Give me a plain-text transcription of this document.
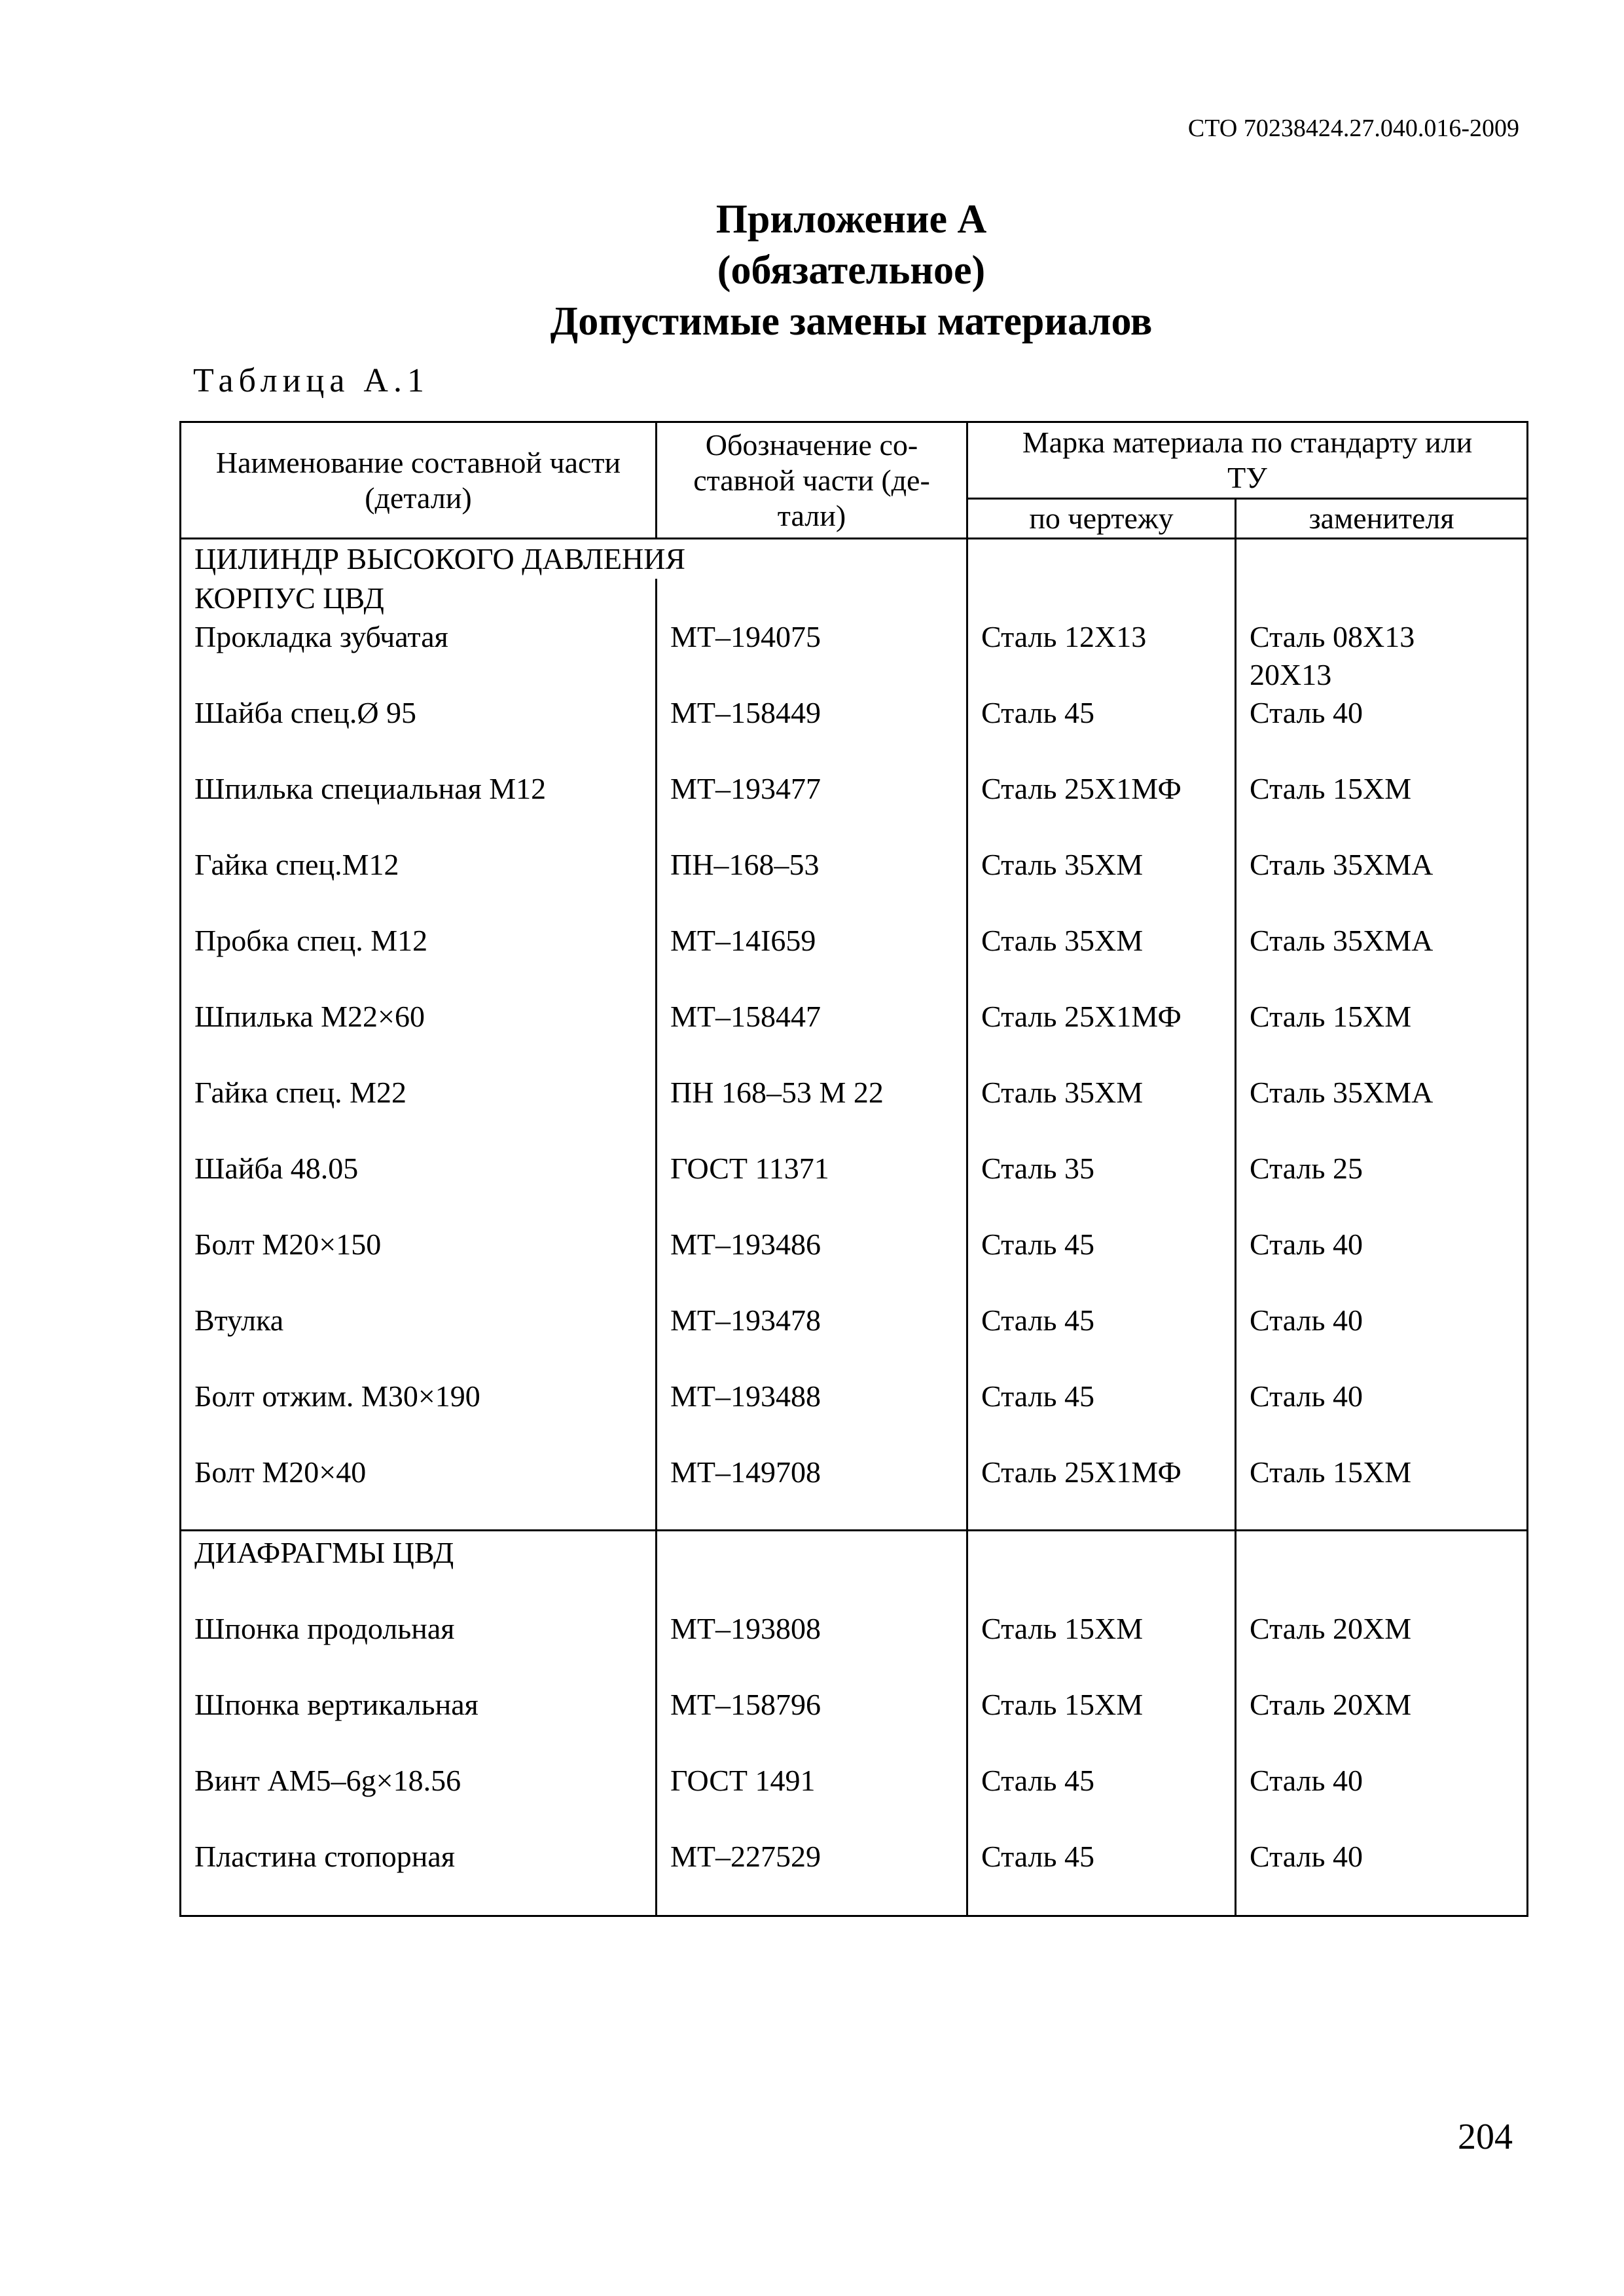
СТО 70238424.27.040.016-2009
Приложение А
(обязательное)
Допустимые замены материалов
Таблица А.1
Наименование составной части (детали)	Обозначение со-
ставной части (де-
тали)	Марка материала по стандарту или
ТУ	
		по чертежу	заменителя
ЦИЛИНДР ВЫСОКОГО ДАВЛЕНИЯ			
КОРПУС ЦВД			
Прокладка зубчатая	МТ–194075	Сталь 12Х13	Сталь 08Х13
20Х13
Шайба спец.Ø 95	МТ–158449	Сталь 45	Сталь 40
Шпилька специальная М12	МТ–193477	Сталь 25Х1МФ	Сталь 15ХМ
Гайка спец.М12	ПН–168–53	Сталь 35ХМ	Сталь 35ХМА
Пробка спец. М12	МТ–14I659	Сталь 35ХМ	Сталь 35ХМА
Шпилька М22×60	МТ–158447	Сталь 25Х1МФ	Сталь 15ХМ
Гайка спец. М22	ПН 168–53 М 22	Сталь 35ХМ	Сталь 35ХМА
Шайба 48.05	ГОСТ 11371	Сталь 35	Сталь 25
Болт М20×150	МТ–193486	Сталь 45	Сталь 40
Втулка	МТ–193478	Сталь 45	Сталь 40
Болт отжим. М30×190	МТ–193488	Сталь 45	Сталь 40
Болт М20×40	МТ–149708	Сталь 25Х1МФ	Сталь 15ХМ
ДИАФРАГМЫ ЦВД			
Шпонка продольная	МТ–193808	Сталь 15ХМ	Сталь 20ХМ
Шпонка вертикальная	МТ–158796	Сталь 15ХМ	Сталь 20ХМ
Винт АМ5–6g×18.56	ГОСТ 1491	Сталь 45	Сталь 40
Пластина стопорная	МТ–227529	Сталь 45	Сталь 40
204
